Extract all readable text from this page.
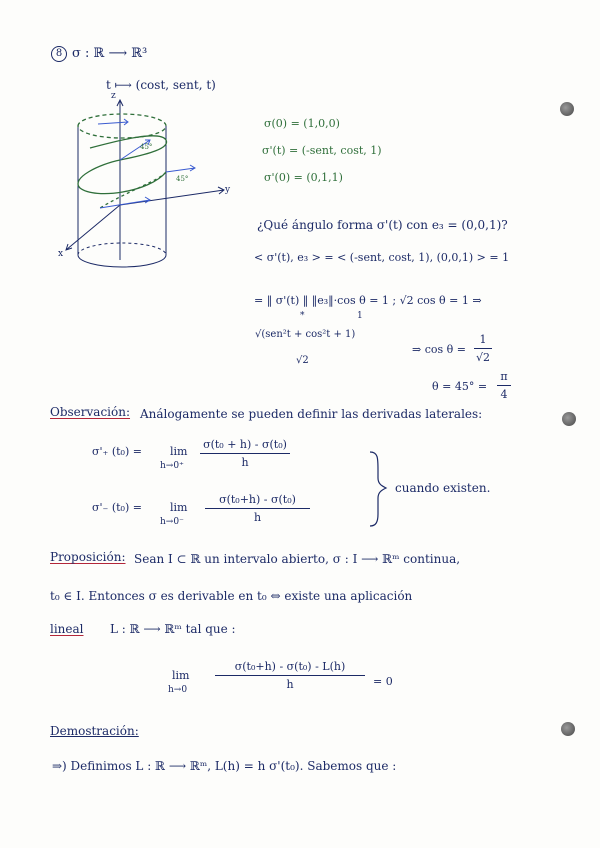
8 σ : ℝ ⟶ ℝ³
t ⟼ (cost, sent, t)
z
y
x
45°
45°
σ(0) = (1,0,0)
σ'(t) = (-sent, cost, 1)
σ'(0) = (0,1,1)
¿Qué ángulo forma σ'(t) con e₃ = (0,0,1)?
< σ'(t), e₃ > = < (-sent, cost, 1), (0,0,1) > = 1
= ‖ σ'(t) ‖ ‖e₃‖·cos θ = 1 ; √2 cos θ = 1 ⇒
*	1
√(sen²t + cos²t + 1)
√2
⇒ cos θ =
1
√2
θ = 45° =
π
4
Observación: Análogamente se pueden definir las derivadas laterales:
σ'₊ (t₀) =	lim
h→0⁺
σ(t₀ + h) - σ(t₀)
h
σ'₋ (t₀) =	lim
h→0⁻
σ(t₀+h) - σ(t₀)
h
cuando existen.
Proposición: Sean I ⊂ ℝ un intervalo abierto, σ : I ⟶ ℝᵐ continua,
t₀ ∈ I. Entonces σ es derivable en t₀ ⇔ existe una aplicación
lineal L : ℝ ⟶ ℝᵐ tal que :
lim
h→0
σ(t₀+h) - σ(t₀) - L(h)
h	= 0
Demostración:
⇒) Definimos L : ℝ ⟶ ℝᵐ, L(h) = h σ'(t₀). Sabemos que :
